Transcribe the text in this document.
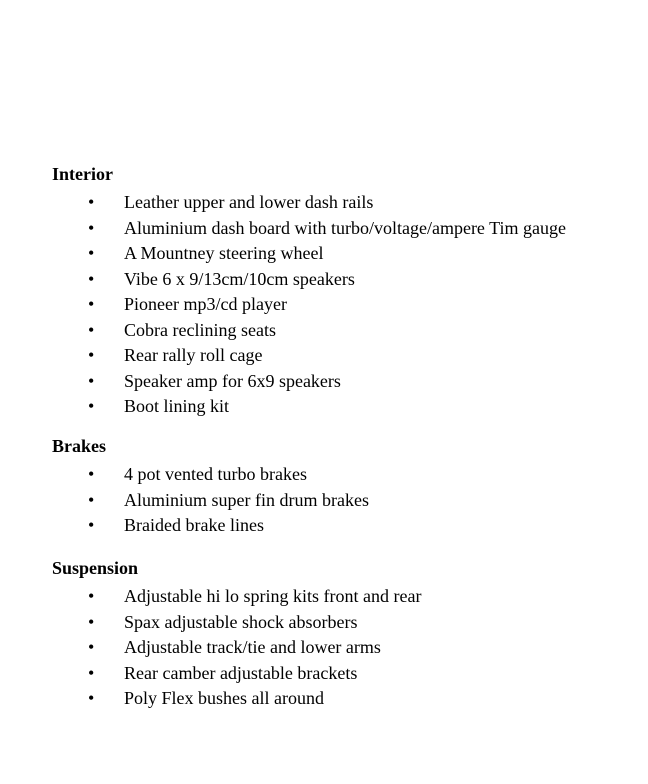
Interior
•	Leather upper and lower dash rails
•	Aluminium dash board with turbo/voltage/ampere Tim gauge
•	A Mountney steering wheel
•	Vibe 6 x 9/13cm/10cm speakers
•	Pioneer mp3/cd player
•	Cobra reclining seats
•	Rear rally roll cage
•	Speaker amp for 6x9 speakers
•	Boot lining kit
Brakes
•	4 pot vented turbo brakes
•	Aluminium super fin drum brakes
•	Braided brake lines
Suspension
•	Adjustable hi lo spring kits front and rear
•	Spax adjustable shock absorbers
•	Adjustable track/tie and lower arms
•	Rear camber adjustable brackets
•	Poly Flex bushes all around
